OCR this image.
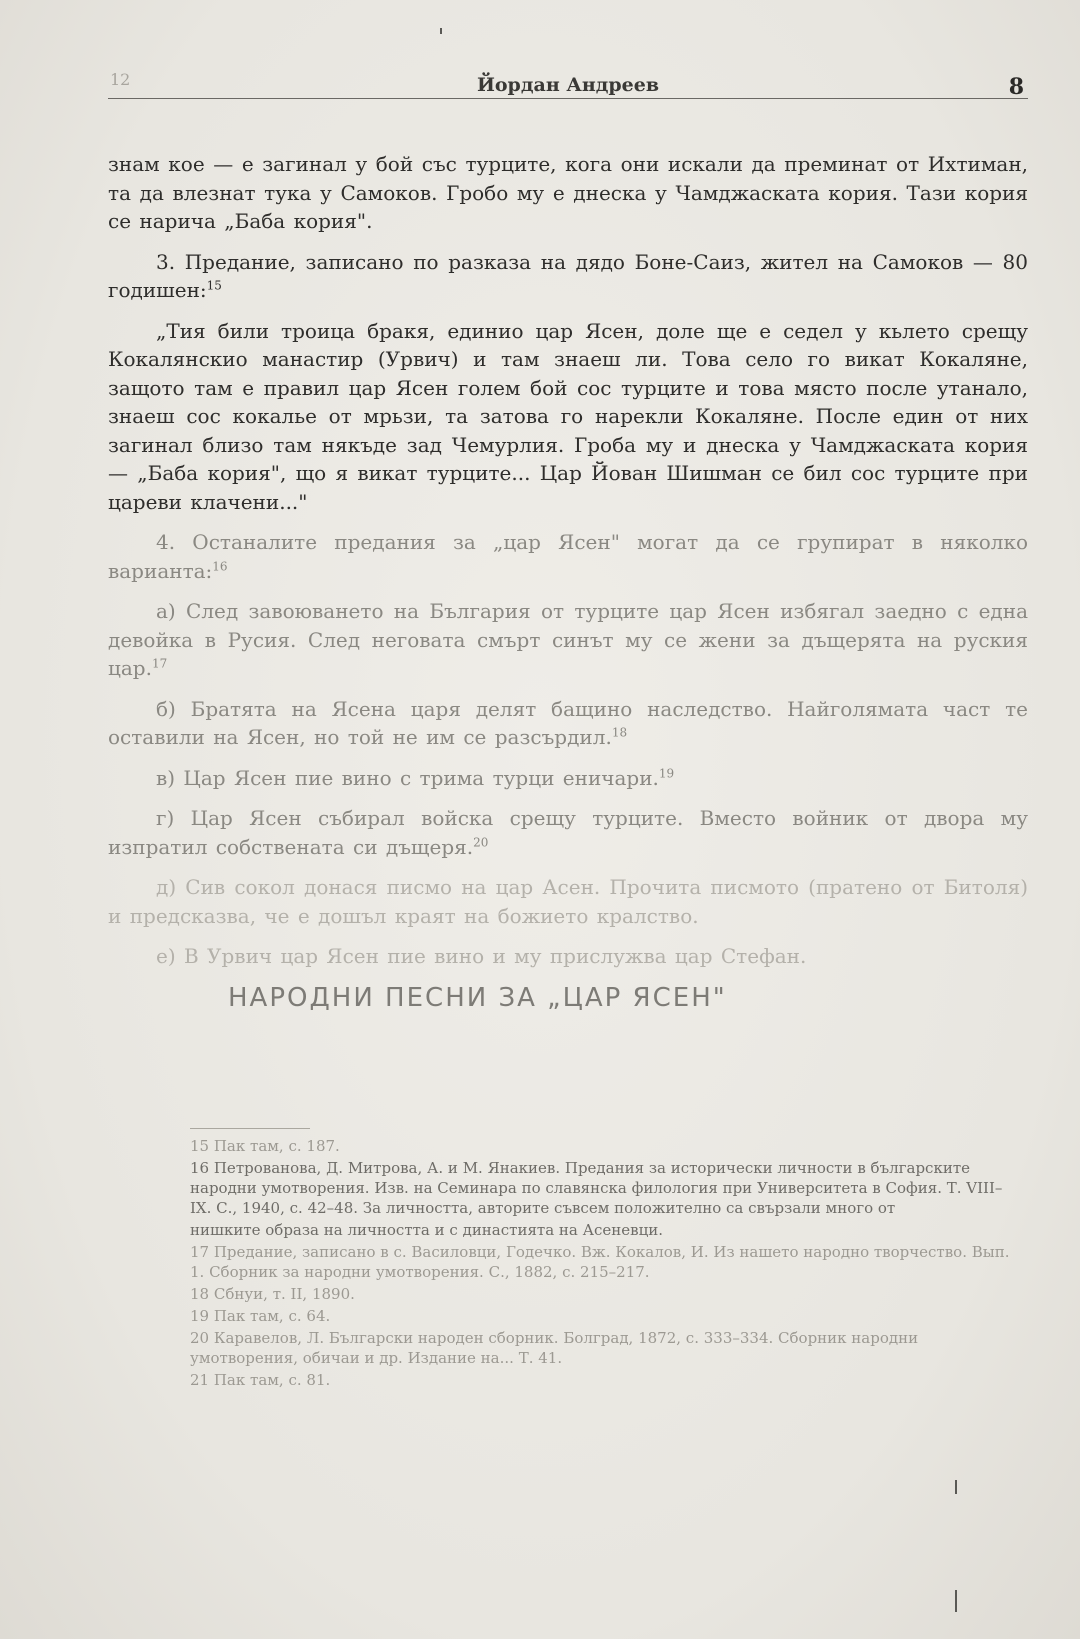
12	Йордан Андреев	8

знам кое — е загинал у бой със турците, кога они искали да преминат от Ихтиман, та да влезнат тука у Самоков. Гробо му е днеска у Чамджаската кория. Тази кория се нарича „Баба кория".

3. Предание, записано по разказа на дядо Боне-Саиз, жител на Самоков — 80 годишен:$^{15}$

„Тия били троица бракя, единио цар Ясен, доле ще е седел у кьлето срещу Кокалянскио манастир (Урвич) и там знаеш ли. Това село го викат Кокаляне, защото там е правил цар Ясен голем бой сос турците и това място после утанало, знаеш сос кокалье от мрьзи, та затова го нарекли Кокаляне. После един от них загинал близо там някъде зад Чемурлия. Гроба му и днеска у Чамджаската кория — „Баба кория", що я викат турците... Цар Йован Шишман се бил сос турците при цареви клачени..."

4. Останалите предания за „цар Ясен" могат да се групират в няколко варианта:$^{16}$

а) След завоюването на България от турците цар Ясен избягал заедно с една девойка в Русия. След неговата смърт синът му се жени за дъщерята на руския цар.$^{17}$

б) Братята на Ясена царя делят бащино наследство. Найголямата част те оставили на Ясен, но той не им се разсърдил.$^{18}$

в) Цар Ясен пие вино с трима турци еничари.$^{19}$

г) Цар Ясен събирал войска срещу турците. Вместо войник от двора му изпратил собствената си дъщеря.$^{20}$

д) Сив сокол донася писмо на цар Асен. Прочита писмото (пратено от Битоля) и предсказва, че е дошъл краят на божието кралство.

е) В Урвич цар Ясен пие вино и му прислужва цар Стефан.

НАРОДНИ ПЕСНИ ЗА „ЦАР ЯСЕН"
15 Пак там, с. 187.
16 Петрованова, Д. Митрова, А. и М. Янакиев. Предания за исторически личности в българските народни умотворения. Изв. на Семинара по славянска филология при Университета в София. Т. VIII–IX. С., 1940, с. 42–48. За личността, авторите съвсем положително са свързали много от
нишките образа на личността и с династията на Асеневци.
17 Предание, записано в с. Василовци, Годечко. Вж. Кокалов, И. Из нашето народно творчество. Вып. 1. Сборник за народни умотворения. С., 1882, с. 215–217.
18 Сбнуи, т. II, 1890.
19 Пак там, с. 64.
20 Каравелов, Л. Български народен сборник. Болград, 1872, с. 333–334. Сборник народни умотворения, обичаи и др. Издание на... Т. 41.
21 Пак там, с. 81.
